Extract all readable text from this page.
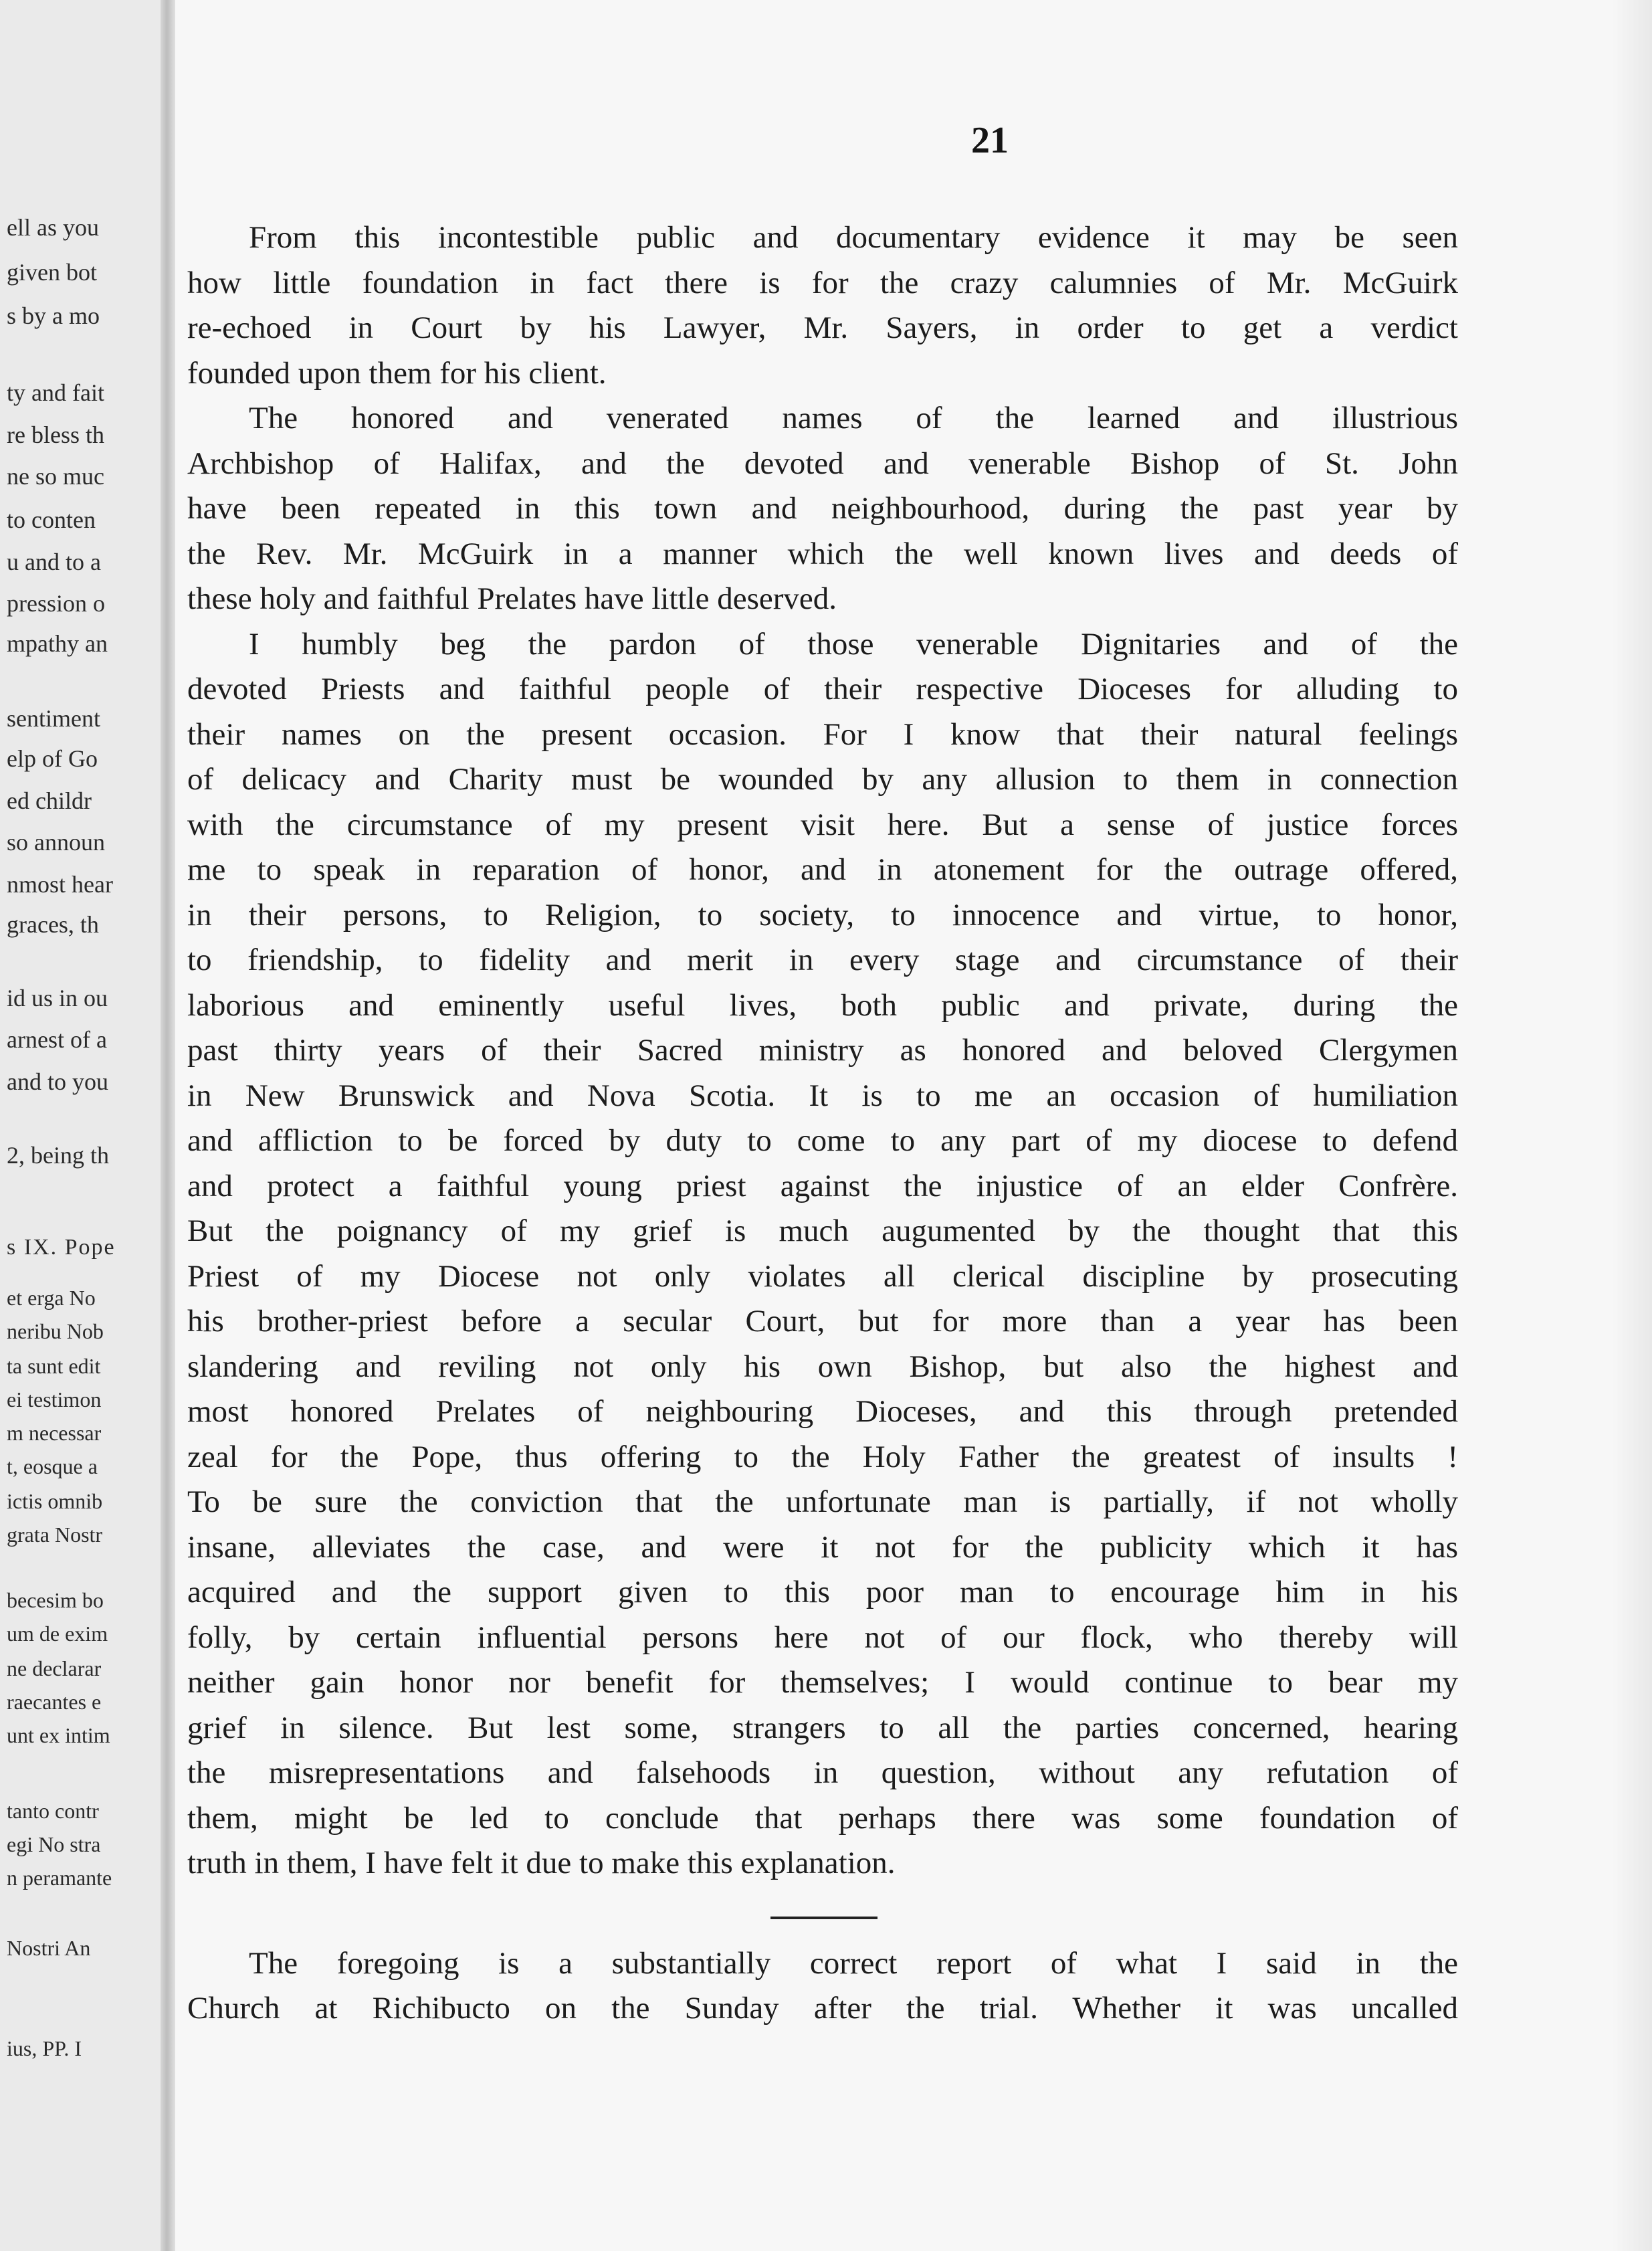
ell as you
given bot
s by a mo
ty and fait
re bless th
ne so muc
to conten
u and to a
pression o
mpathy an
sentiment
elp of Go
ed childr
so announ
nmost hear
graces, th
id us in ou
arnest of a
and to you
2, being th
s IX. Pope
et erga No
neribu Nob
ta sunt edit
ei testimon
m necessar
t, eosque a
ictis omnib
grata Nostr
becesim bo
um de exim
ne declarar
raecantes e
unt ex intim
tanto contr
egi No stra
n peramante
Nostri An
ius, PP. I
21
From this incontestible public and documentary evidence it may be seen
how little foundation in fact there is for the crazy calumnies of Mr. McGuirk
re-echoed in Court by his Lawyer, Mr. Sayers, in order to get a verdict
founded upon them for his client.
The honored and venerated names of the learned and illustrious
Archbishop of Halifax, and the devoted and venerable Bishop of St. John
have been repeated in this town and neighbourhood, during the past year by
the Rev. Mr. McGuirk in a manner which the well known lives and deeds of
these holy and faithful Prelates have little deserved.
I humbly beg the pardon of those venerable Dignitaries and of the
devoted Priests and faithful people of their respective Dioceses for alluding to
their names on the present occasion. For I know that their natural feelings
of delicacy and Charity must be wounded by any allusion to them in connection
with the circumstance of my present visit here. But a sense of justice forces
me to speak in reparation of honor, and in atonement for the outrage offered,
in their persons, to Religion, to society, to innocence and virtue, to honor,
to friendship, to fidelity and merit in every stage and circumstance of their
laborious and eminently useful lives, both public and private, during the
past thirty years of their Sacred ministry as honored and beloved Clergymen
in New Brunswick and Nova Scotia. It is to me an occasion of humiliation
and affliction to be forced by duty to come to any part of my diocese to defend
and protect a faithful young priest against the injustice of an elder Confrère.
But the poignancy of my grief is much augumented by the thought that this
Priest of my Diocese not only violates all clerical discipline by prosecuting
his brother-priest before a secular Court, but for more than a year has been
slandering and reviling not only his own Bishop, but also the highest and
most honored Prelates of neighbouring Dioceses, and this through pretended
zeal for the Pope, thus offering to the Holy Father the greatest of insults !
To be sure the conviction that the unfortunate man is partially, if not wholly
insane, alleviates the case, and were it not for the publicity which it has
acquired and the support given to this poor man to encourage him in his
folly, by certain influential persons here not of our flock, who thereby will
neither gain honor nor benefit for themselves; I would continue to bear my
grief in silence. But lest some, strangers to all the parties concerned, hearing
the misrepresentations and falsehoods in question, without any refutation of
them, might be led to conclude that perhaps there was some foundation of
truth in them, I have felt it due to make this explanation.
The foregoing is a substantially correct report of what I said in the
Church at Richibucto on the Sunday after the trial. Whether it was uncalled
